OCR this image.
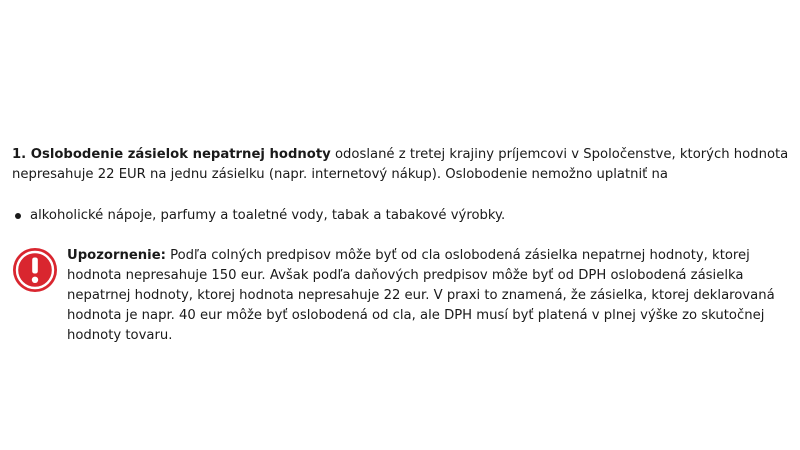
1. Oslobodenie zásielok nepatrnej hodnoty odoslané z tretej krajiny príjemcovi v Spoločenstve, ktorých hodnota nepresahuje 22 EUR na jednu zásielku (napr. internetový nákup). Oslobodenie nemožno uplatniť na

alkoholické nápoje, parfumy a toaletné vody, tabak a tabakové výrobky.
Upozornenie: Podľa colných predpisov môže byť od cla oslobodená zásielka nepatrnej hodnoty, ktorej hodnota nepresahuje 150 eur. Avšak podľa daňových predpisov môže byť od DPH oslobodená zásielka nepatrnej hodnoty, ktorej hodnota nepresahuje 22 eur. V praxi to znamená, že zásielka, ktorej deklarovaná hodnota je napr. 40 eur môže byť oslobodená od cla, ale DPH musí byť platená v plnej výške zo skutočnej hodnoty tovaru.
